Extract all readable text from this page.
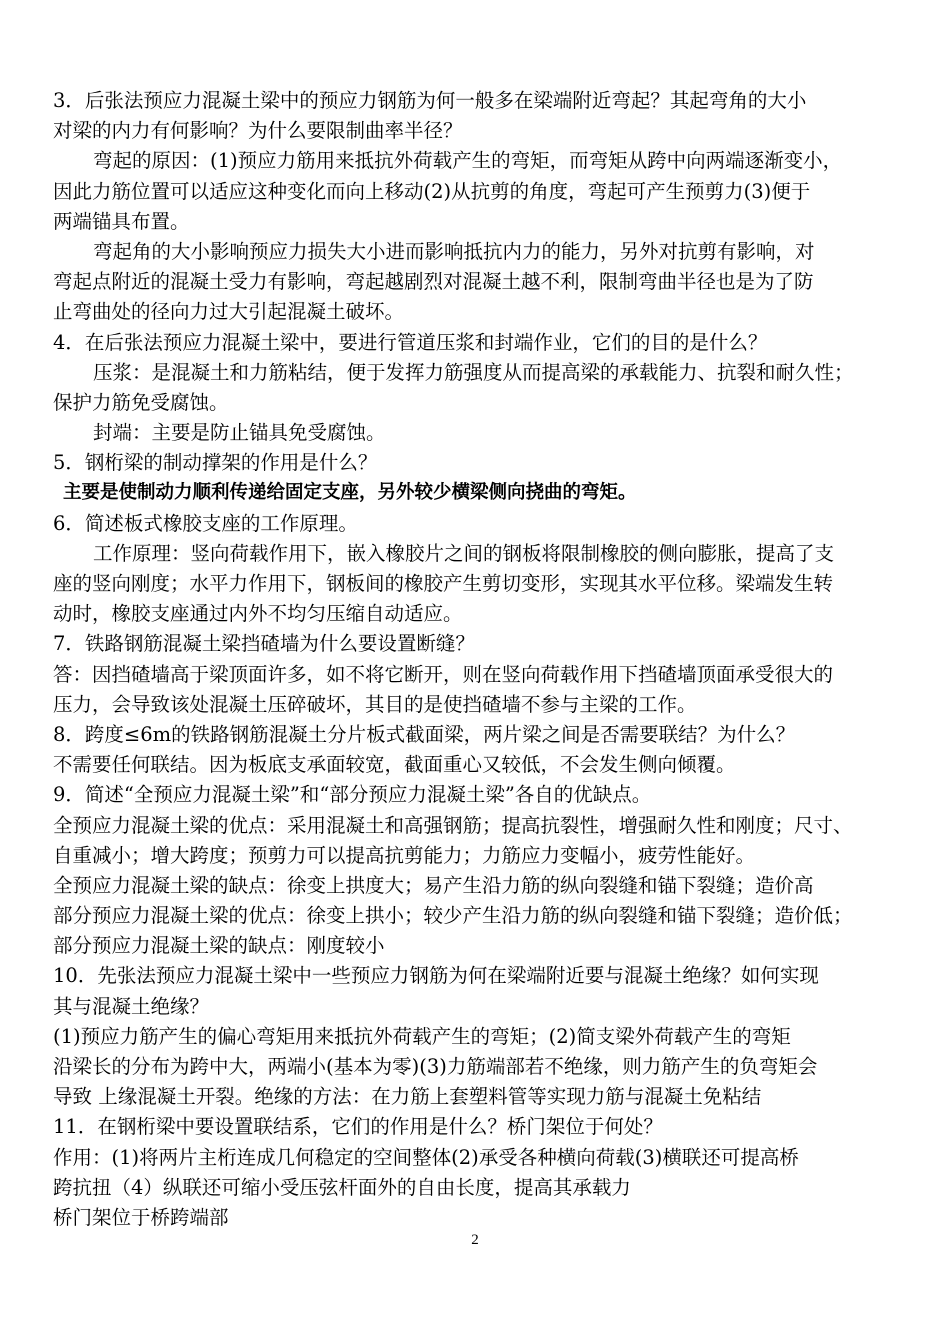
3．后张法预应力混凝土梁中的预应力钢筋为何一般多在梁端附近弯起？其起弯角的大小
对梁的内力有何影响？为什么要限制曲率半径？
弯起的原因：(1)预应力筋用来抵抗外荷载产生的弯矩，而弯矩从跨中向两端逐渐变小，
因此力筋位置可以适应这种变化而向上移动(2)从抗剪的角度，弯起可产生预剪力(3)便于
两端锚具布置。
弯起角的大小影响预应力损失大小进而影响抵抗内力的能力，另外对抗剪有影响，对
弯起点附近的混凝土受力有影响，弯起越剧烈对混凝土越不利，限制弯曲半径也是为了防
止弯曲处的径向力过大引起混凝土破坏。
4．在后张法预应力混凝土梁中，要进行管道压浆和封端作业，它们的目的是什么？
压浆：是混凝土和力筋粘结，便于发挥力筋强度从而提高梁的承载能力、抗裂和耐久性；
保护力筋免受腐蚀。
封端：主要是防止锚具免受腐蚀。
5．钢桁梁的制动撑架的作用是什么？
主要是使制动力顺利传递给固定支座，另外较少横梁侧向挠曲的弯矩。
6．简述板式橡胶支座的工作原理。
工作原理：竖向荷载作用下，嵌入橡胶片之间的钢板将限制橡胶的侧向膨胀，提高了支
座的竖向刚度；水平力作用下，钢板间的橡胶产生剪切变形，实现其水平位移。梁端发生转
动时，橡胶支座通过内外不均匀压缩自动适应。
7．铁路钢筋混凝土梁挡碴墙为什么要设置断缝？
答：因挡碴墙高于梁顶面许多，如不将它断开，则在竖向荷载作用下挡碴墙顶面承受很大的
压力，会导致该处混凝土压碎破坏，其目的是使挡碴墙不参与主梁的工作。
8．跨度≤6m的铁路钢筋混凝土分片板式截面梁，两片梁之间是否需要联结？为什么？
不需要任何联结。因为板底支承面较宽，截面重心又较低，不会发生侧向倾覆。
9．简述“全预应力混凝土梁”和“部分预应力混凝土梁”各自的优缺点。
全预应力混凝土梁的优点：采用混凝土和高强钢筋；提高抗裂性，增强耐久性和刚度；尺寸、
自重减小；增大跨度；预剪力可以提高抗剪能力；力筋应力变幅小，疲劳性能好。
全预应力混凝土梁的缺点：徐变上拱度大；易产生沿力筋的纵向裂缝和锚下裂缝；造价高
部分预应力混凝土梁的优点：徐变上拱小；较少产生沿力筋的纵向裂缝和锚下裂缝；造价低；
部分预应力混凝土梁的缺点：刚度较小
10．先张法预应力混凝土梁中一些预应力钢筋为何在梁端附近要与混凝土绝缘？如何实现
其与混凝土绝缘？
(1)预应力筋产生的偏心弯矩用来抵抗外荷载产生的弯矩；(2)简支梁外荷载产生的弯矩
沿梁长的分布为跨中大，两端小(基本为零)(3)力筋端部若不绝缘，则力筋产生的负弯矩会
导致 上缘混凝土开裂。绝缘的方法：在力筋上套塑料管等实现力筋与混凝土免粘结
11．在钢桁梁中要设置联结系，它们的作用是什么？桥门架位于何处？
作用：(1)将两片主桁连成几何稳定的空间整体(2)承受各种横向荷载(3)横联还可提高桥
跨抗扭（4）纵联还可缩小受压弦杆面外的自由长度，提高其承载力
桥门架位于桥跨端部
2
